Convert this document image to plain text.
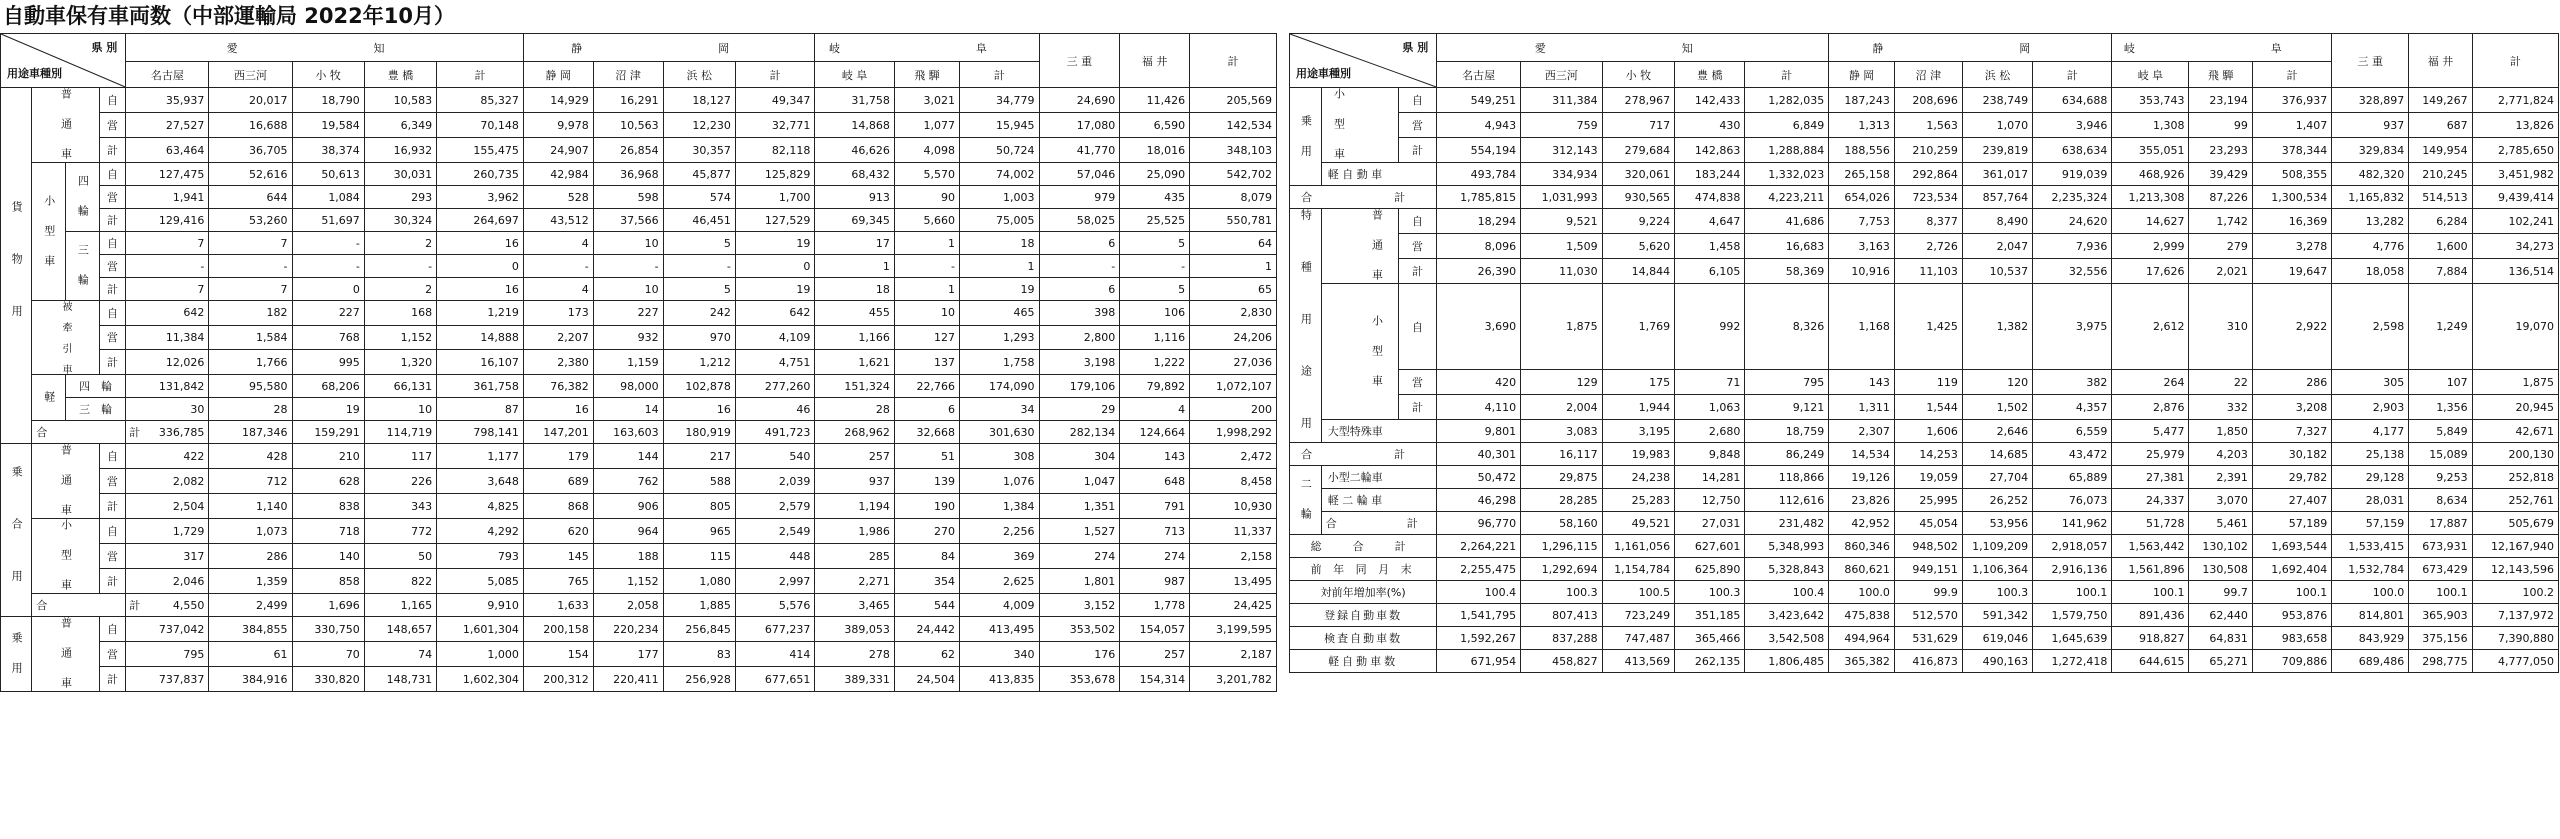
自動車保有車両数（中部運輸局 2022年10月）
県 別
用途車種別				愛　　知					静　　岡				岐　　阜			三 重	福 井	計
				名古屋	西三河	小 牧	豊 橋	計	静 岡	沼 津	浜 松	計	岐 阜	飛 騨	計			
貨 物 用	普 通 車		自	35,937	20,017	18,790	10,583	85,327	14,929	16,291	18,127	49,347	31,758	3,021	34,779	24,690	11,426	205,569
			営	27,527	16,688	19,584	6,349	70,148	9,978	10,563	12,230	32,771	14,868	1,077	15,945	17,080	6,590	142,534
			計	63,464	36,705	38,374	16,932	155,475	24,907	26,854	30,357	82,118	46,626	4,098	50,724	41,770	18,016	348,103
	小 型 車	四 輪	自	127,475	52,616	50,613	30,031	260,735	42,984	36,968	45,877	125,829	68,432	5,570	74,002	57,046	25,090	542,702
			営	1,941	644	1,084	293	3,962	528	598	574	1,700	913	90	1,003	979	435	8,079
			計	129,416	53,260	51,697	30,324	264,697	43,512	37,566	46,451	127,529	69,345	5,660	75,005	58,025	25,525	550,781
		三 輪	自	7	7	-	2	16	4	10	5	19	17	1	18	6	5	64
			営	-	-	-	-	0	-	-	-	0	1	-	1	-	-	1
			計	7	7	0	2	16	4	10	5	19	18	1	19	6	5	65
	被 牽 引 車		自	642	182	227	168	1,219	173	227	242	642	455	10	465	398	106	2,830
			営	11,384	1,584	768	1,152	14,888	2,207	932	970	4,109	1,166	127	1,293	2,800	1,116	24,206
			計	12,026	1,766	995	1,320	16,107	2,380	1,159	1,212	4,751	1,621	137	1,758	3,198	1,222	27,036
	軽	四　輪		131,842	95,580	68,206	66,131	361,758	76,382	98,000	102,878	277,260	151,324	22,766	174,090	179,106	79,892	1,072,107
		三　輪		30	28	19	10	87	16	14	16	46	28	6	34	29	4	200
	合　　計			336,785	187,346	159,291	114,719	798,141	147,201	163,603	180,919	491,723	268,962	32,668	301,630	282,134	124,664	1,998,292
乗 合 用	普 通 車		自	422	428	210	117	1,177	179	144	217	540	257	51	308	304	143	2,472
			営	2,082	712	628	226	3,648	689	762	588	2,039	937	139	1,076	1,047	648	8,458
			計	2,504	1,140	838	343	4,825	868	906	805	2,579	1,194	190	1,384	1,351	791	10,930
	小 型 車		自	1,729	1,073	718	772	4,292	620	964	965	2,549	1,986	270	2,256	1,527	713	11,337
			営	317	286	140	50	793	145	188	115	448	285	84	369	274	274	2,158
			計	2,046	1,359	858	822	5,085	765	1,152	1,080	2,997	2,271	354	2,625	1,801	987	13,495
	合　　計			4,550	2,499	1,696	1,165	9,910	1,633	2,058	1,885	5,576	3,465	544	4,009	3,152	1,778	24,425
乗 用	普 通 車		自	737,042	384,855	330,750	148,657	1,601,304	200,158	220,234	256,845	677,237	389,053	24,442	413,495	353,502	154,057	3,199,595
			営	795	61	70	74	1,000	154	177	83	414	278	62	340	176	257	2,187
			計	737,837	384,916	330,820	148,731	1,602,304	200,312	220,411	256,928	677,651	389,331	24,504	413,835	353,678	154,314	3,201,782
県 別
用途車種別				愛　　知					静　　岡				岐　　阜			三 重	福 井	計
				名古屋	西三河	小 牧	豊 橋	計	静 岡	沼 津	浜 松	計	岐 阜	飛 騨	計			
乗 用	小 型 車		自	549,251	311,384	278,967	142,433	1,282,035	187,243	208,696	238,749	634,688	353,743	23,194	376,937	328,897	149,267	2,771,824
			営	4,943	759	717	430	6,849	1,313	1,563	1,070	3,946	1,308	99	1,407	937	687	13,826
			計	554,194	312,143	279,684	142,863	1,288,884	188,556	210,259	239,819	638,634	355,051	23,293	378,344	329,834	149,954	2,785,650
	軽 自 動 車			493,784	334,934	320,061	183,244	1,332,023	265,158	292,864	361,017	919,039	468,926	39,429	508,355	482,320	210,245	3,451,982
合　　計				1,785,815	1,031,993	930,565	474,838	4,223,211	654,026	723,534	857,764	2,235,324	1,213,308	87,226	1,300,534	1,165,832	514,513	9,439,414
特 種 用 途 用		普 通 車	自	18,294	9,521	9,224	4,647	41,686	7,753	8,377	8,490	24,620	14,627	1,742	16,369	13,282	6,284	102,241
			営	8,096	1,509	5,620	1,458	16,683	3,163	2,726	2,047	7,936	2,999	279	3,278	4,776	1,600	34,273
			計	26,390	11,030	14,844	6,105	58,369	10,916	11,103	10,537	32,556	17,626	2,021	19,647	18,058	7,884	136,514
		小 型 車	自	3,690	1,875	1,769	992	8,326	1,168	1,425	1,382	3,975	2,612	310	2,922	2,598	1,249	19,070
			営	420	129	175	71	795	143	119	120	382	264	22	286	305	107	1,875
			計	4,110	2,004	1,944	1,063	9,121	1,311	1,544	1,502	4,357	2,876	332	3,208	2,903	1,356	20,945
	大型特殊車			9,801	3,083	3,195	2,680	18,759	2,307	1,606	2,646	6,559	5,477	1,850	7,327	4,177	5,849	42,671
合　　計				40,301	16,117	19,983	9,848	86,249	14,534	14,253	14,685	43,472	25,979	4,203	30,182	25,138	15,089	200,130
二 輪	小型二輪車			50,472	29,875	24,238	14,281	118,866	19,126	19,059	27,704	65,889	27,381	2,391	29,782	29,128	9,253	252,818
	軽 二 輪 車			46,298	28,285	25,283	12,750	112,616	23,826	25,995	26,252	76,073	24,337	3,070	27,407	28,031	8,634	252,761
	合　　計			96,770	58,160	49,521	27,031	231,482	42,952	45,054	53,956	141,962	51,728	5,461	57,189	57,159	17,887	505,679
総　合　計				2,264,221	1,296,115	1,161,056	627,601	5,348,993	860,346	948,502	1,109,209	2,918,057	1,563,442	130,102	1,693,544	1,533,415	673,931	12,167,940
前 年 同 月 末				2,255,475	1,292,694	1,154,784	625,890	5,328,843	860,621	949,151	1,106,364	2,916,136	1,561,896	130,508	1,692,404	1,532,784	673,429	12,143,596
対前年増加率(%)				100.4	100.3	100.5	100.3	100.4	100.0	99.9	100.3	100.1	100.1	99.7	100.1	100.0	100.1	100.2
登録自動車数				1,541,795	807,413	723,249	351,185	3,423,642	475,838	512,570	591,342	1,579,750	891,436	62,440	953,876	814,801	365,903	7,137,972
検査自動車数				1,592,267	837,288	747,487	365,466	3,542,508	494,964	531,629	619,046	1,645,639	918,827	64,831	983,658	843,929	375,156	7,390,880
軽自動車数				671,954	458,827	413,569	262,135	1,806,485	365,382	416,873	490,163	1,272,418	644,615	65,271	709,886	689,486	298,775	4,777,050
